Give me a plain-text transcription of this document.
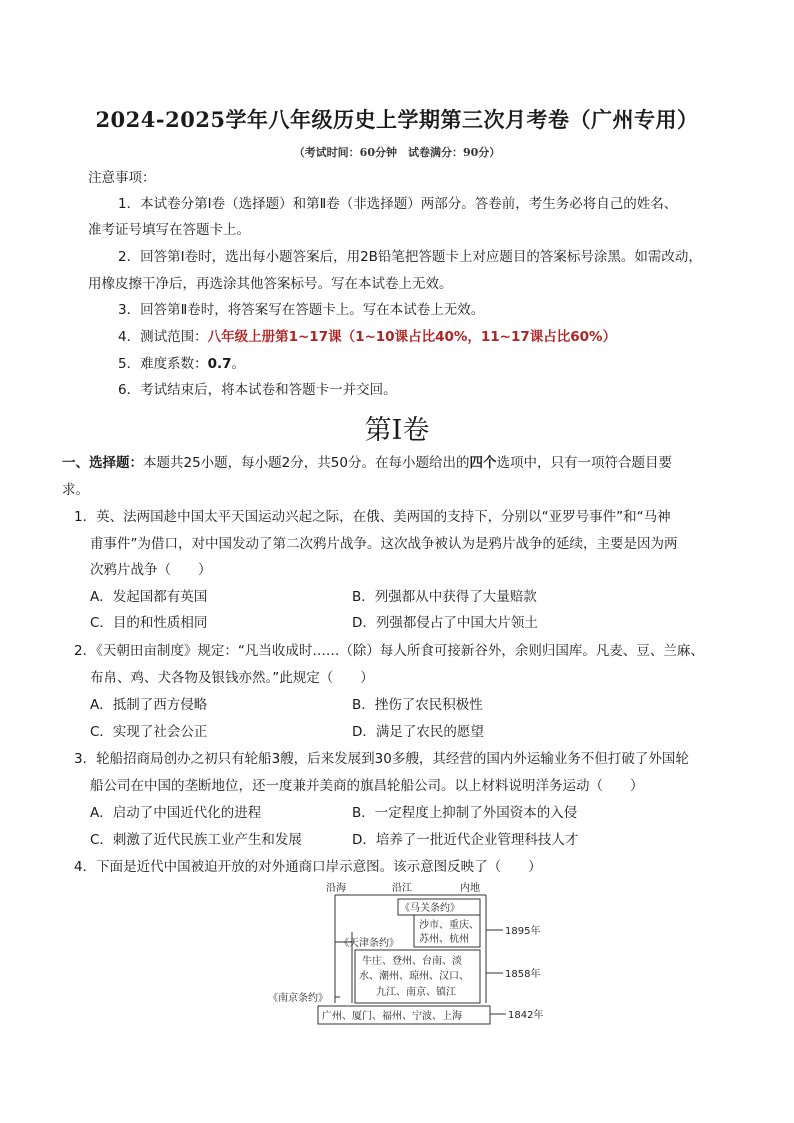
2024-2025学年八年级历史上学期第三次月考卷（广州专用）
（考试时间：60分钟　试卷满分：90分）
注意事项：
1．本试卷分第Ⅰ卷（选择题）和第Ⅱ卷（非选择题）两部分。答卷前，考生务必将自己的姓名、
准考证号填写在答题卡上。
2．回答第Ⅰ卷时，选出每小题答案后，用2B铅笔把答题卡上对应题目的答案标号涂黑。如需改动，
用橡皮擦干净后，再选涂其他答案标号。写在本试卷上无效。
3．回答第Ⅱ卷时，将答案写在答题卡上。写在本试卷上无效。
4．测试范围：八年级上册第1~17课（1~10课占比40%，11~17课占比60%）
5．难度系数：0.7。
6．考试结束后，将本试卷和答题卡一并交回。
第Ⅰ卷
一、选择题：本题共25小题，每小题2分，共50分。在每小题给出的四个选项中，只有一项符合题目要
求。
1．英、法两国趁中国太平天国运动兴起之际，在俄、美两国的支持下，分别以“亚罗号事件”和“马神
甫事件”为借口，对中国发动了第二次鸦片战争。这次战争被认为是鸦片战争的延续，主要是因为两
次鸦片战争（　　）
A．发起国都有英国	B．列强都从中获得了大量赔款
C．目的和性质相同	D．列强都侵占了中国大片领土
2．《天朝田亩制度》规定：“凡当收成时……（除）每人所食可接新谷外，余则归国库。凡麦、豆、兰麻、
布帛、鸡、犬各物及银钱亦然。”此规定（　　）
A．抵制了西方侵略	B．挫伤了农民积极性
C．实现了社会公正	D．满足了农民的愿望
3．轮船招商局创办之初只有轮船3艘，后来发展到30多艘，其经营的国内外运输业务不但打破了外国轮
船公司在中国的垄断地位，还一度兼并美商的旗昌轮船公司。以上材料说明洋务运动（　　）
A．启动了中国近代化的进程	B．一定程度上抑制了外国资本的入侵
C．刺激了近代民族工业产生和发展	D．培养了一批近代企业管理科技人才
4．下面是近代中国被迫开放的对外通商口岸示意图。该示意图反映了（　　）
沿海	沿江	内地
《马关条约》
《天津条约》
《南京条约》
沙市、重庆、
苏州、杭州
牛庄、登州、台南、淡
水、潮州、琼州、汉口、
九江、南京、镇江
广州、厦门、福州、宁波、上海
1895年
1858年
1842年
